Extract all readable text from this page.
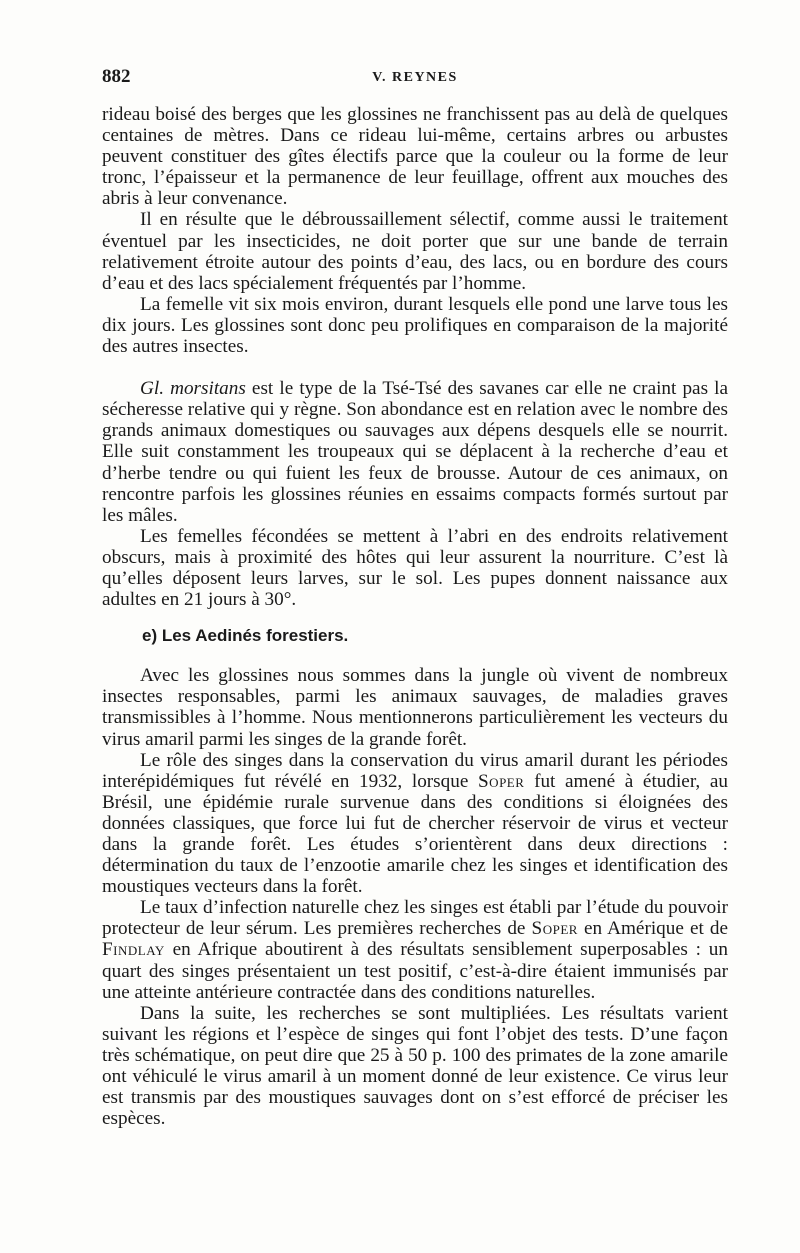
882	V. REYNES

rideau boisé des berges que les glossines ne franchissent pas au delà de quelques centaines de mètres. Dans ce rideau lui-même, certains arbres ou arbustes peuvent constituer des gîtes électifs parce que la couleur ou la forme de leur tronc, l’épaisseur et la permanence de leur feuillage, offrent aux mouches des abris à leur convenance.

Il en résulte que le débroussaillement sélectif, comme aussi le traitement éventuel par les insecticides, ne doit porter que sur une bande de terrain relativement étroite autour des points d’eau, des lacs, ou en bordure des cours d’eau et des lacs spécialement fréquentés par l’homme.

La femelle vit six mois environ, durant lesquels elle pond une larve tous les dix jours. Les glossines sont donc peu prolifiques en comparaison de la majorité des autres insectes.

Gl. morsitans est le type de la Tsé-Tsé des savanes car elle ne craint pas la sécheresse relative qui y règne. Son abondance est en relation avec le nombre des grands animaux domestiques ou sauvages aux dépens desquels elle se nourrit. Elle suit constamment les troupeaux qui se déplacent à la recherche d’eau et d’herbe tendre ou qui fuient les feux de brousse. Autour de ces animaux, on rencontre parfois les glossines réunies en essaims compacts formés surtout par les mâles.

Les femelles fécondées se mettent à l’abri en des endroits relativement obscurs, mais à proximité des hôtes qui leur assurent la nourriture. C’est là qu’elles déposent leurs larves, sur le sol. Les pupes donnent naissance aux adultes en 21 jours à 30°.

e) Les Aedinés forestiers.

Avec les glossines nous sommes dans la jungle où vivent de nombreux insectes responsables, parmi les animaux sauvages, de maladies graves transmissibles à l’homme. Nous mentionnerons particulièrement les vecteurs du virus amaril parmi les singes de la grande forêt.

Le rôle des singes dans la conservation du virus amaril durant les périodes interépidémiques fut révélé en 1932, lorsque Soper fut amené à étudier, au Brésil, une épidémie rurale survenue dans des conditions si éloignées des données classiques, que force lui fut de chercher réservoir de virus et vecteur dans la grande forêt. Les études s’orientèrent dans deux directions : détermination du taux de l’enzootie amarile chez les singes et identification des moustiques vecteurs dans la forêt.

Le taux d’infection naturelle chez les singes est établi par l’étude du pouvoir protecteur de leur sérum. Les premières recherches de Soper en Amérique et de Findlay en Afrique aboutirent à des résultats sensiblement superposables : un quart des singes présentaient un test positif, c’est-à-dire étaient immunisés par une atteinte antérieure contractée dans des conditions naturelles.

Dans la suite, les recherches se sont multipliées. Les résultats varient suivant les régions et l’espèce de singes qui font l’objet des tests. D’une façon très schématique, on peut dire que 25 à 50 p. 100 des primates de la zone amarile ont véhiculé le virus amaril à un moment donné de leur existence. Ce virus leur est transmis par des moustiques sauvages dont on s’est efforcé de préciser les espèces.
